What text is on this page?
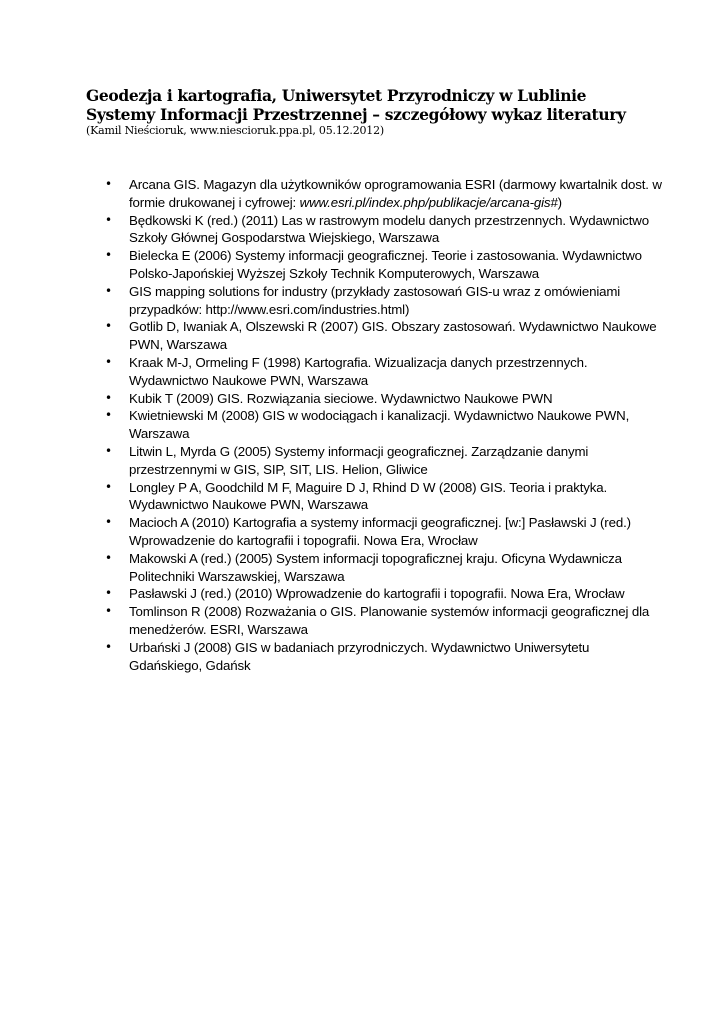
Geodezja i kartografia, Uniwersytet Przyrodniczy w Lublinie
Systemy Informacji Przestrzennej – szczegółowy wykaz literatury
(Kamil Nieścioruk, www.niescioruk.ppa.pl, 05.12.2012)
• Arcana GIS. Magazyn dla użytkowników oprogramowania ESRI (darmowy kwartalnik dost. w formie drukowanej i cyfrowej: www.esri.pl/index.php/publikacje/arcana-gis#)
• Będkowski K (red.) (2011) Las w rastrowym modelu danych przestrzennych. Wydawnictwo Szkoły Głównej Gospodarstwa Wiejskiego, Warszawa
• Bielecka E (2006) Systemy informacji geograficznej. Teorie i zastosowania. Wydawnictwo Polsko-Japońskiej Wyższej Szkoły Technik Komputerowych, Warszawa
• GIS mapping solutions for industry (przykłady zastosowań GIS-u wraz z omówieniami przypadków: http://www.esri.com/industries.html)
• Gotlib D, Iwaniak A, Olszewski R (2007) GIS. Obszary zastosowań. Wydawnictwo Naukowe PWN, Warszawa
• Kraak M-J, Ormeling F (1998) Kartografia. Wizualizacja danych przestrzennych. Wydawnictwo Naukowe PWN, Warszawa
• Kubik T (2009) GIS. Rozwiązania sieciowe. Wydawnictwo Naukowe PWN
• Kwietniewski M (2008) GIS w wodociągach i kanalizacji. Wydawnictwo Naukowe PWN, Warszawa
• Litwin L, Myrda G (2005) Systemy informacji geograficznej. Zarządzanie danymi przestrzennymi w GIS, SIP, SIT, LIS. Helion, Gliwice
• Longley P A, Goodchild M F, Maguire D J, Rhind D W (2008) GIS. Teoria i praktyka. Wydawnictwo Naukowe PWN, Warszawa
• Macioch A (2010) Kartografia a systemy informacji geograficznej. [w:] Pasławski J (red.) Wprowadzenie do kartografii i topografii. Nowa Era, Wrocław
• Makowski A (red.) (2005) System informacji topograficznej kraju. Oficyna Wydawnicza Politechniki Warszawskiej, Warszawa
• Pasławski J (red.) (2010) Wprowadzenie do kartografii i topografii. Nowa Era, Wrocław
• Tomlinson R (2008) Rozważania o GIS. Planowanie systemów informacji geograficznej dla menedżerów. ESRI, Warszawa
• Urbański J (2008) GIS w badaniach przyrodniczych. Wydawnictwo Uniwersytetu Gdańskiego, Gdańsk
